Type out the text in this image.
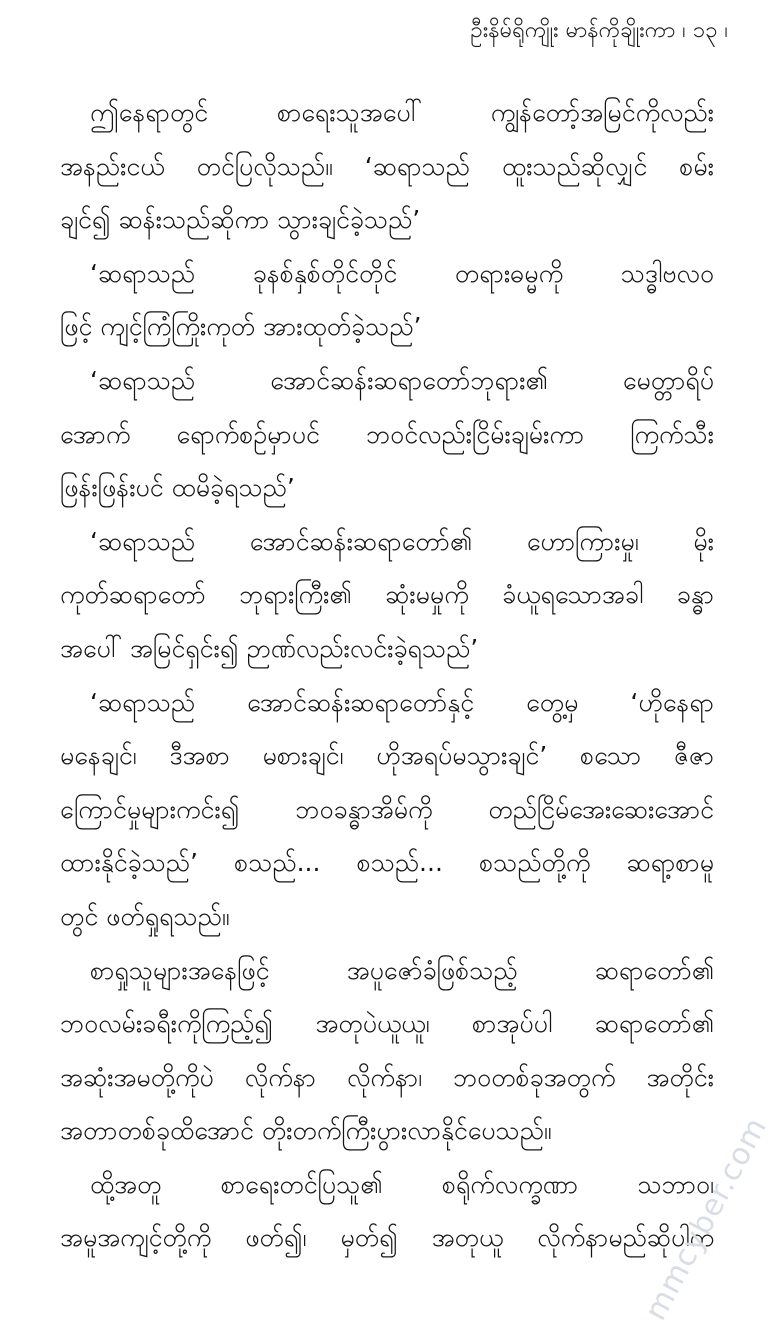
ဦးနိမ်ရိုကျိုး မာန်ကိုချိုးကာ ၊ ၁၃ ၊
ဤနေရာတွင် စာရေးသူအပေါ် ကျွန်တော့်အမြင်ကိုလည်း
အနည်းငယ် တင်ပြလိုသည်။ ‘ဆရာသည် ထူးသည်ဆိုလျှင် စမ်း
ချင်၍ ဆန်းသည်ဆိုကာ သွားချင်ခဲ့သည်’
‘ဆရာသည် ခုနစ်နှစ်တိုင်တိုင် တရားဓမ္မကို သဒ္ဓါဗလဝ
ဖြင့် ကျင့်ကြံကြိုးကုတ် အားထုတ်ခဲ့သည်’
‘ဆရာသည် အောင်ဆန်းဆရာတော်ဘုရား၏ မေတ္တာရိပ်
အောက် ရောက်စဉ်မှာပင် ဘဝင်လည်းငြိမ်းချမ်းကာ ကြက်သီး
ဖြန်းဖြန်းပင် ထမိခဲ့ရသည်’
‘ဆရာသည် အောင်ဆန်းဆရာတော်၏ ဟောကြားမှု၊ မိုး
ကုတ်ဆရာတော် ဘုရားကြီး၏ ဆုံးမမှုကို ခံယူရသောအခါ ခန္ဓာ
အပေါ် အမြင်ရှင်း၍ ဉာဏ်လည်းလင်းခဲ့ရသည်’
‘ဆရာသည် အောင်ဆန်းဆရာတော်နှင့် တွေ့မှ ‘ဟိုနေရာ
မနေချင်၊ ဒီအစာ မစားချင်၊ ဟိုအရပ်မသွားချင်’ စသော ဇီဇာ
ကြောင်မှုများကင်း၍ ဘဝခန္ဓာအိမ်ကို တည်ငြိမ်အေးဆေးအောင်
ထားနိုင်ခဲ့သည်’ စသည်... စသည်... စသည်တို့ကို ဆရာ့စာမူ
တွင် ဖတ်ရှုရသည်။
စာရှုသူများအနေဖြင့် အပူဇော်ခံဖြစ်သည့် ဆရာတော်၏
ဘဝလမ်းခရီးကိုကြည့်၍ အတုပဲယူယူ၊ စာအုပ်ပါ ဆရာတော်၏
အဆုံးအမတို့ကိုပဲ လိုက်နာ လိုက်နာ၊ ဘဝတစ်ခုအတွက် အတိုင်း
အတာတစ်ခုထိအောင် တိုးတက်ကြီးပွားလာနိုင်ပေသည်။
ထို့အတူ စာရေးတင်ပြသူ၏ စရိုက်လက္ခဏာ သဘာဝ၊
အမူအကျင့်တို့ကို ဖတ်၍၊ မှတ်၍ အတုယူ လိုက်နာမည်ဆိုပါက
mmcyber.com
